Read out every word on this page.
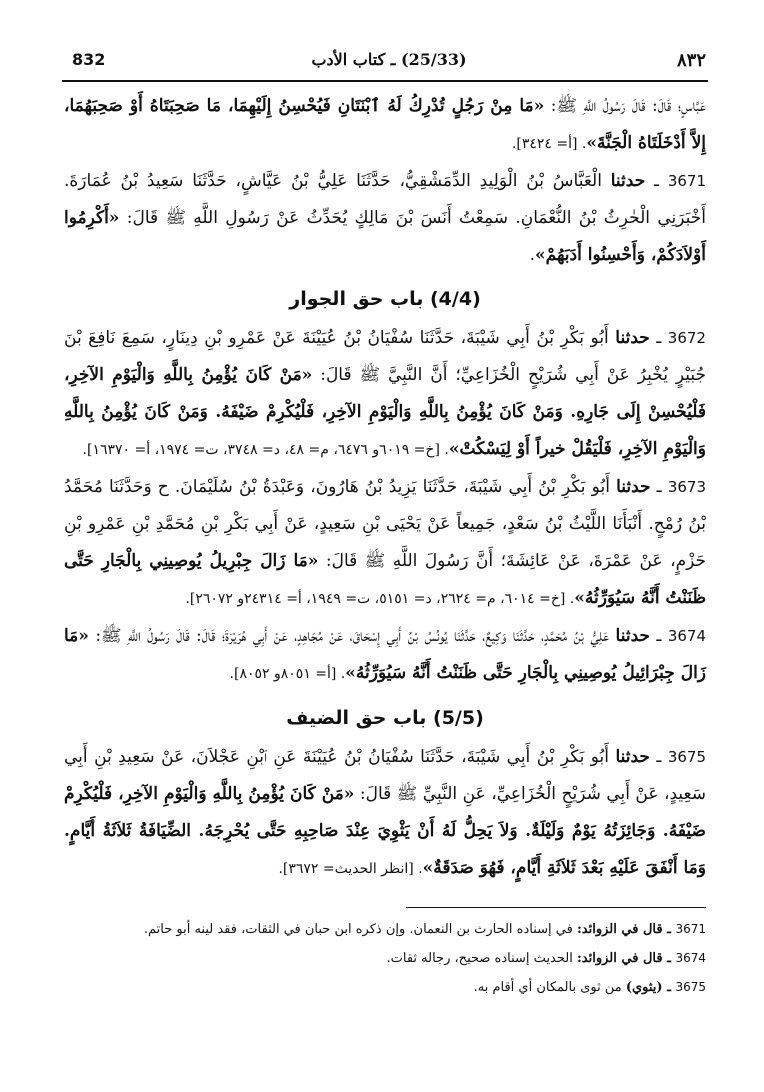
832	(25/33) ـ كتاب الأدب	٨٣٢

عَبَّاسٍ؛ قَالَ: قَالَ رَسُولُ اللَّهِ ﷺ: «مَا مِنْ رَجُلٍ تُدْرِكُ لَهُ ٱبْنَتَانِ فَيُحْسِنُ إِلَيْهِمَا، مَا صَحِبَتَاهُ أَوْ صَحِبَهُمَا، إِلاَّ أَدْخَلَتَاهُ الْجَنَّةَ». [أ= ٣٤٢٤].

3671 ـ حدثنا الْعَبَّاسُ بْنُ الْوَلِيدِ الدِّمَشْقِيُّ، حَدَّثَنَا عَلِيُّ بْنُ عَيَّاشٍ، حَدَّثَنَا سَعِيدُ بْنُ عُمَارَةَ. أَخْبَرَنِي الْحٰرِثُ بْنُ النُّعْمَانِ. سَمِعْتُ أَنَسَ بْنَ مَالِكٍ يُحَدِّثُ عَنْ رَسُولِ اللَّهِ ﷺ قَالَ: «أَكْرِمُوا أَوْلاَدَكُمْ، وَأَحْسِنُوا أَدَبَهُمْ».

(4/4) باب حق الجوار

3672 ـ حدثنا أَبُو بَكْرِ بْنُ أَبِي شَيْبَةَ، حَدَّثَنَا سُفْيَانُ بْنُ عُيَيْنَةَ عَنْ عَمْرِو بْنِ دِينَارٍ، سَمِعَ نَافِعَ بْنَ جُبَيْرٍ يُخْبِرُ عَنْ أَبِي شُرَيْحٍ الْخُزَاعِيِّ؛ أَنَّ النَّبِيَّ ﷺ قَالَ: «مَنْ كَانَ يُؤْمِنُ بِاللَّهِ وَالْيَوْمِ الآخِرِ، فَلْيُحْسِنْ إِلَى جَارِهِ. وَمَنْ كَانَ يُؤْمِنُ بِاللَّهِ وَالْيَوْمِ الآخِرِ، فَلْيُكْرِمْ ضَيْفَهُ. وَمَنْ كَانَ يُؤْمِنُ بِاللَّهِ وَالْيَوْمِ الآخِرِ، فَلْيَقُلْ خيراً أَوْ لِيَسْكُتْ». [خ= ٦٠١٩و ٦٤٧٦، م= ٤٨، د= ٣٧٤٨، ت= ١٩٧٤، أ= ١٦٣٧٠].

3673 ـ حدثنا أَبُو بَكْرِ بْنُ أَبِي شَيْبَةَ، حَدَّثَنَا يَزِيدُ بْنُ هَارُونَ، وَعَبْدَةُ بْنُ سُلَيْمَانَ. ح وَحَدَّثَنَا مُحَمَّدُ بْنُ رُمْحٍ. أَنْبَأَنَا اللَّيْثُ بْنُ سَعْدٍ، جَمِيعاً عَنْ يَحْيَى بْنِ سَعِيدٍ، عَنْ أَبِي بَكْرِ بْنِ مُحَمَّدِ بْنِ عَمْرِو بْنِ حَزْمٍ، عَنْ عَمْرَةَ، عَنْ عَائِشَةَ؛ أَنَّ رَسُولَ اللَّهِ ﷺ قَالَ: «مَا زَالَ جِبْرِيلُ يُوصِينِي بِالْجَارِ حَتَّى ظَنَنْتُ أَنَّهُ سَيُوَرِّثُهُ». [خ= ٦٠١٤، م= ٢٦٢٤، د= ٥١٥١، ت= ١٩٤٩، أ= ٢٤٣١٤و ٢٦٠٧٢].

3674 ـ حدثنا عَلِيُّ بْنُ مُحَمَّدٍ، حَدَّثَنَا وَكِيعٌ، حَدَّثَنَا يُونُسُ بْنُ أَبِي إِسْحَاقَ، عَنْ مُجَاهِدٍ، عَنْ أَبِي هُرَيْرَةَ؛ قَالَ: قَالَ رَسُولُ اللَّهِ ﷺ: «مَا زَالَ جِبْرَائِيلُ يُوصِينِي بِالْجَارِ حَتَّى ظَنَنْتُ أَنَّهُ سَيُوَرِّثُهُ». [أ= ٨٠٥١و ٨٠٥٢].

(5/5) باب حق الضيف

3675 ـ حدثنا أَبُو بَكْرِ بْنُ أَبِي شَيْبَةَ، حَدَّثَنَا سُفْيَانُ بْنُ عُيَيْنَةَ عَنِ ٱبْنِ عَجْلاَنَ، عَنْ سَعِيدِ بْنِ أَبِي سَعِيدٍ، عَنْ أَبِي شُرَيْحٍ الْخُزَاعِيِّ، عَنِ النَّبِيِّ ﷺ قَالَ: «مَنْ كَانَ يُؤْمِنُ بِاللَّهِ وَالْيَوْمِ الآخِرِ، فَلْيُكْرِمْ ضَيْفَهُ. وَجَائِزَتُهُ يَوْمٌ وَلَيْلَةٌ. وَلاَ يَحِلُّ لَهُ أَنْ يَثْوِيَ عِنْدَ صَاحِبِهِ حَتَّى يُحْرِجَهُ. الضِّيَافَةُ ثَلاَثَةُ أَيَّامٍ. وَمَا أَنْفَقَ عَلَيْهِ بَعْدَ ثَلاَثَةِ أَيَّامٍ، فَهُوَ صَدَقَةٌ». [انظر الحديث= ٣٦٧٢].

3671 ـ قال في الزوائد: في إسناده الحارث بن النعمان. وإن ذكره ابن حبان في الثقات، فقد لينه أبو حاتم.

3674 ـ قال في الزوائد: الحديث إسناده صحيح، رجاله ثقات.

3675 ـ (يثوي) من ثوى بالمكان أي أقام به.
